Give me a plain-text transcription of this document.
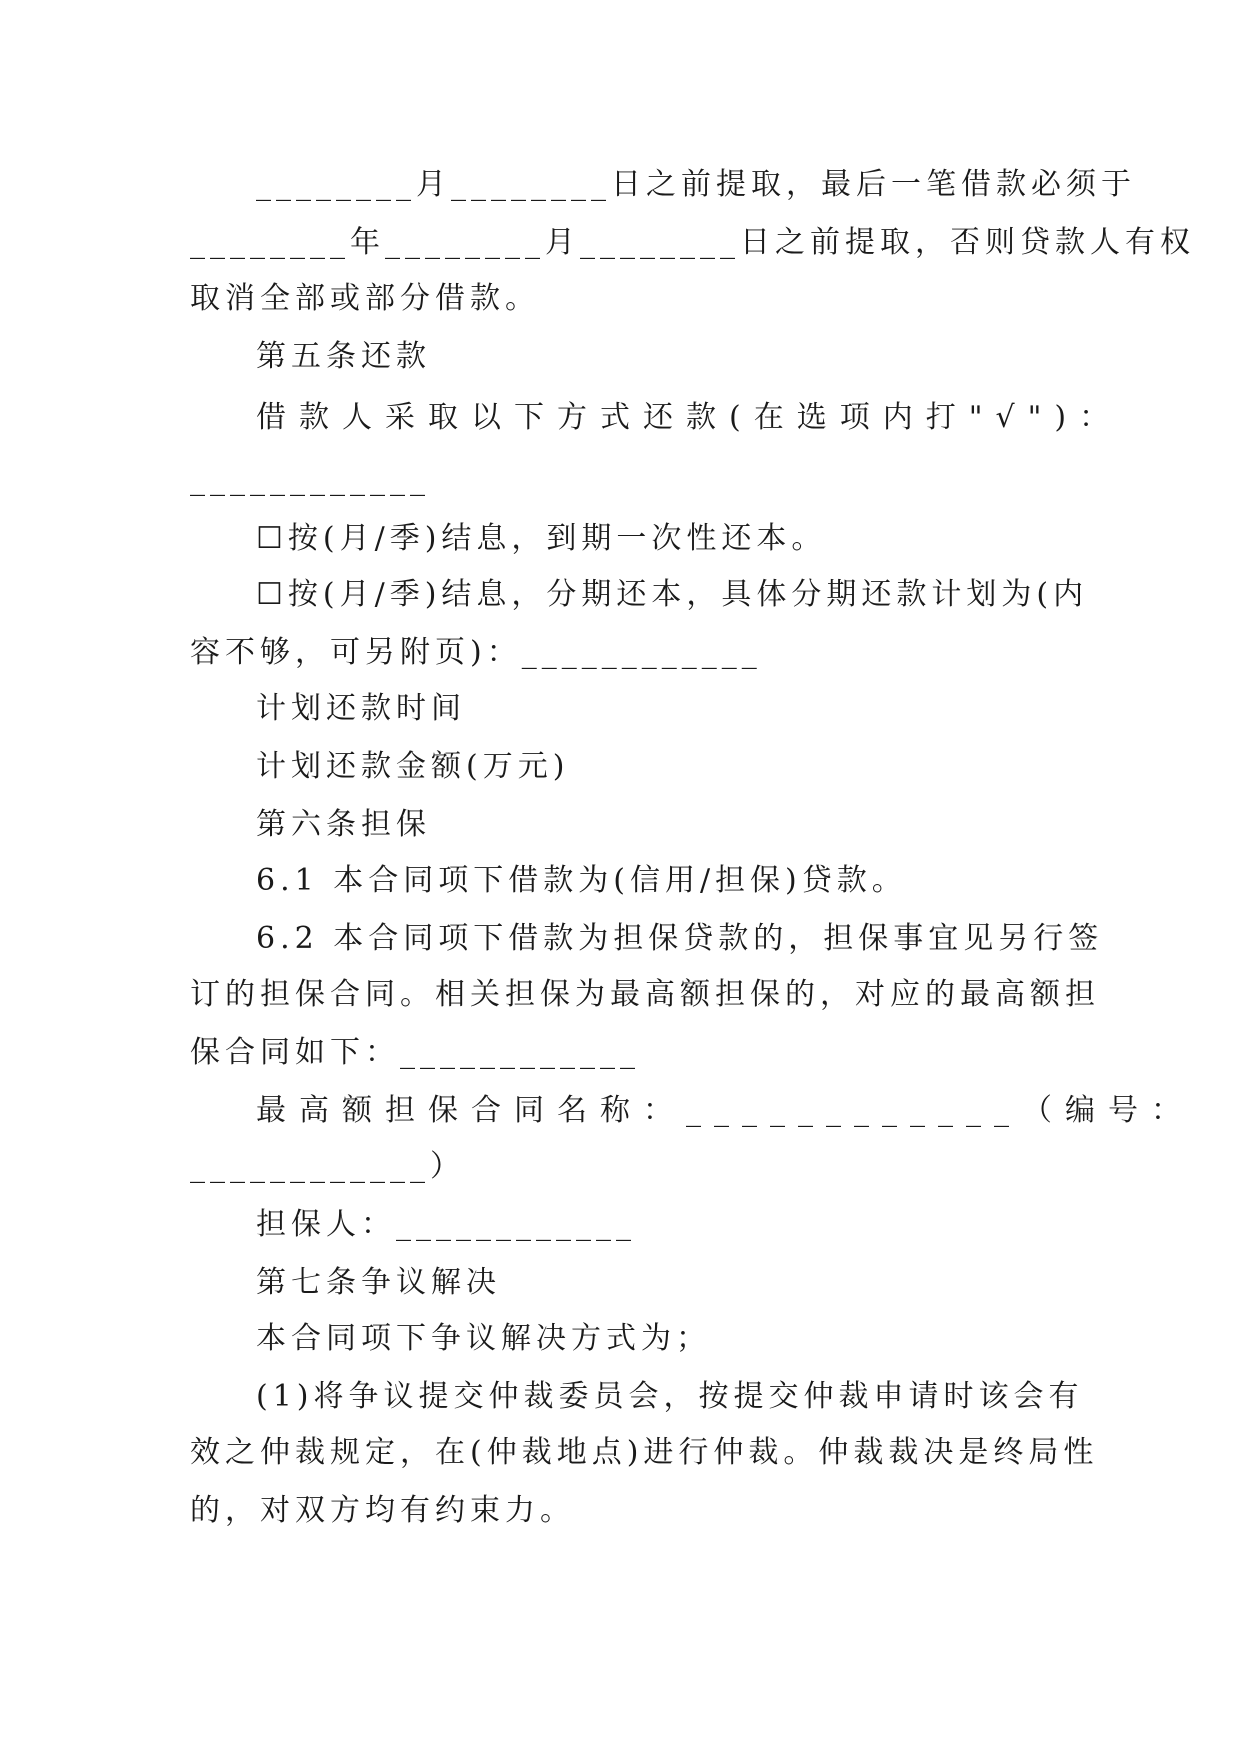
________月________日之前提取，最后一笔借款必须于
________年________月________日之前提取，否则贷款人有权
取消全部或部分借款。
第五条还款
借款人采取以下方式还款(在选项内打"√")：
____________
☐按(月/季)结息，到期一次性还本。
☐按(月/季)结息，分期还本，具体分期还款计划为(内
容不够，可另附页)：____________
计划还款时间
计划还款金额(万元)
第六条担保
6.1 本合同项下借款为(信用/担保)贷款。
6.2 本合同项下借款为担保贷款的，担保事宜见另行签
订的担保合同。相关担保为最高额担保的，对应的最高额担
保合同如下：____________
最高额担保合同名称：____________（编号：
____________）
担保人：____________
第七条争议解决
本合同项下争议解决方式为；
(1)将争议提交仲裁委员会，按提交仲裁申请时该会有
效之仲裁规定，在(仲裁地点)进行仲裁。仲裁裁决是终局性
的，对双方均有约束力。
